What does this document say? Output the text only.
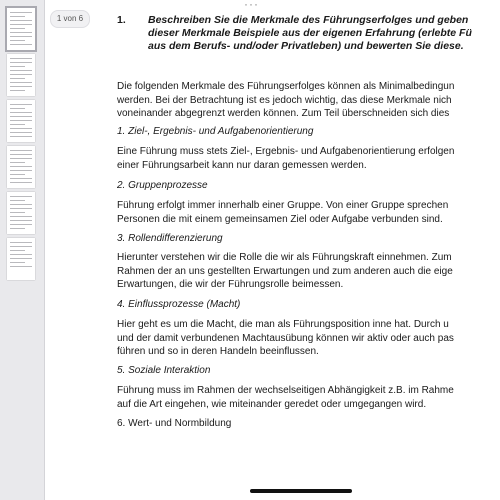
1 von 6
···
1. Beschreiben Sie die Merkmale des Führungserfolges und geben
dieser Merkmale Beispiele aus der eigenen Erfahrung (erlebte Fü
aus dem Berufs- und/oder Privatleben) und bewerten Sie diese.
Die folgenden Merkmale des Führungserfolges können als Minimalbedingun
werden. Bei der Betrachtung ist es jedoch wichtig, das diese Merkmale nich
voneinander abgegrenzt werden können. Zum Teil überschneiden sich dies
1. Ziel-, Ergebnis- und Aufgabenorientierung
Eine Führung muss stets Ziel-, Ergebnis- und Aufgabenorientierung erfolgen
einer Führungsarbeit kann nur daran gemessen werden.
2. Gruppenprozesse
Führung erfolgt immer innerhalb einer Gruppe. Von einer Gruppe sprechen
Personen die mit einem gemeinsamen Ziel oder Aufgabe verbunden sind.
3. Rollendifferenzierung
Hierunter verstehen wir die Rolle die wir als Führungskraft einnehmen. Zum
Rahmen der an uns gestellten Erwartungen und zum anderen auch die eige
Erwartungen, die wir der Führungsrolle beimessen.
4. Einflussprozesse (Macht)
Hier geht es um die Macht, die man als Führungsposition inne hat. Durch u
und der damit verbundenen Machtausübung können wir aktiv oder auch pas
führen und so in deren Handeln beeinflussen.
5. Soziale Interaktion
Führung muss im Rahmen der wechselseitigen Abhängigkeit z.B. im Rahme
auf die Art eingehen, wie miteinander geredet oder umgegangen wird.
6. Wert- und Normbildung
